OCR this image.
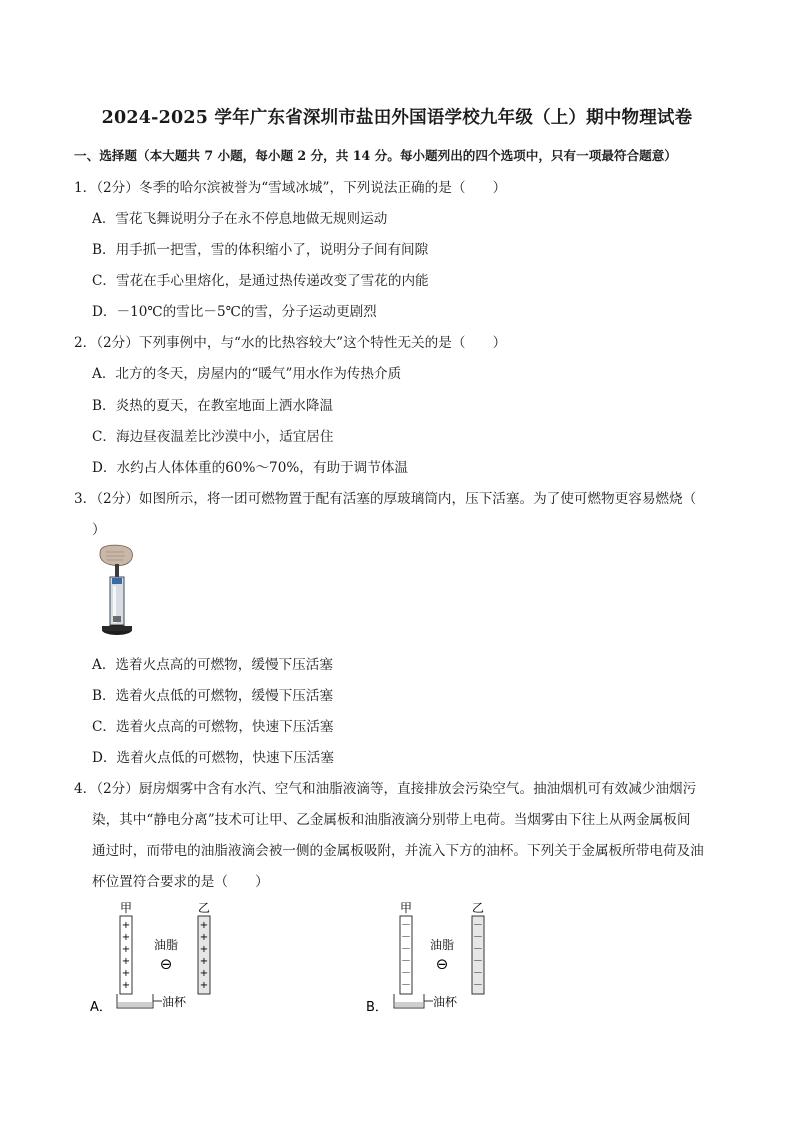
2024-2025 学年广东省深圳市盐田外国语学校九年级（上）期中物理试卷
一、选择题（本大题共 7 小题，每小题 2 分，共 14 分。每小题列出的四个选项中，只有一项最符合题意）
1．（2分）冬季的哈尔滨被誉为“雪域冰城”，下列说法正确的是（　　）
A．雪花飞舞说明分子在永不停息地做无规则运动
B．用手抓一把雪，雪的体积缩小了，说明分子间有间隙
C．雪花在手心里熔化，是通过热传递改变了雪花的内能
D．－10℃的雪比－5℃的雪，分子运动更剧烈
2．（2分）下列事例中，与“水的比热容较大”这个特性无关的是（　　）
A．北方的冬天，房屋内的“暖气”用水作为传热介质
B．炎热的夏天，在教室地面上洒水降温
C．海边昼夜温差比沙漠中小，适宜居住
D．水约占人体体重的60%～70%，有助于调节体温
3．（2分）如图所示，将一团可燃物置于配有活塞的厚玻璃筒内，压下活塞。为了使可燃物更容易燃烧（
）
A．选着火点高的可燃物，缓慢下压活塞
B．选着火点低的可燃物，缓慢下压活塞
C．选着火点高的可燃物，快速下压活塞
D．选着火点低的可燃物，快速下压活塞
4．（2分）厨房烟雾中含有水汽、空气和油脂液滴等，直接排放会污染空气。抽油烟机可有效减少油烟污
染，其中“静电分离”技术可让甲、乙金属板和油脂液滴分别带上电荷。当烟雾由下往上从两金属板间
通过时，而带电的油脂液滴会被一侧的金属板吸附，并流入下方的油杯。下列关于金属板所带电荷及油
杯位置符合要求的是（　　）
A．
甲	乙
+
+
+
+
+
+
+
+
+
+
+
+
油脂
⊖
油杯	B．
甲	乙
－
－
－
－
－
－
－
－
－
－
－
－
油脂
⊖
油杯
